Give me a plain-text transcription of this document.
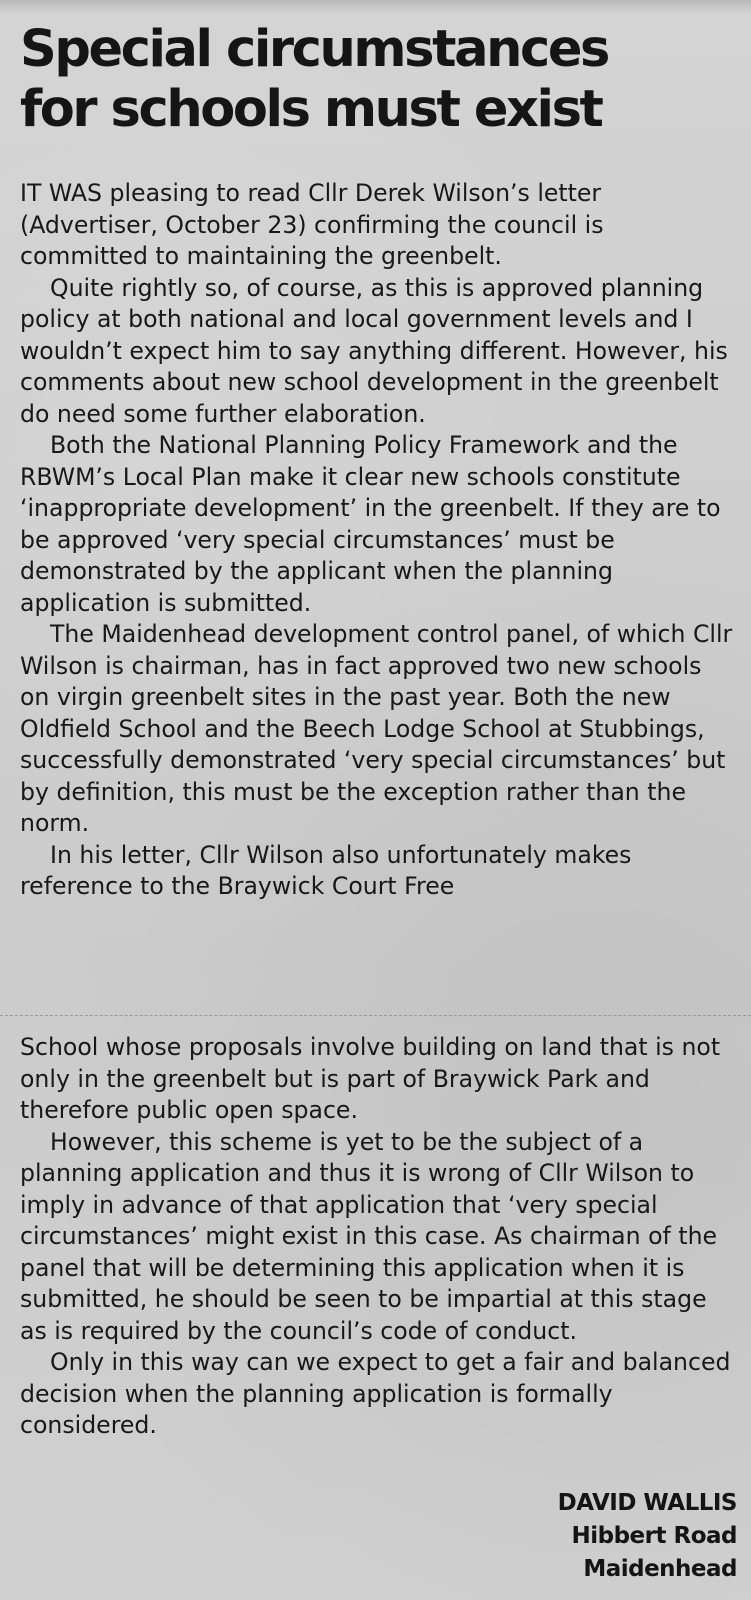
Special circumstances
for schools must exist

IT WAS pleasing to read Cllr Derek Wilson’s letter (Advertiser, October 23) confirming the council is committed to maintaining the greenbelt.

Quite rightly so, of course, as this is approved planning policy at both national and local government levels and I wouldn’t expect him to say anything different. However, his comments about new school development in the greenbelt do need some further elaboration.

Both the National Planning Policy Framework and the RBWM’s Local Plan make it clear new schools constitute ‘inappropriate development’ in the greenbelt. If they are to be approved ‘very special circumstances’ must be demonstrated by the applicant when the planning application is submitted.

The Maidenhead development control panel, of which Cllr Wilson is chairman, has in fact approved two new schools on virgin greenbelt sites in the past year. Both the new Oldfield School and the Beech Lodge School at Stubbings, successfully demonstrated ‘very special circumstances’ but by definition, this must be the exception rather than the norm.

In his letter, Cllr Wilson also unfortunately makes reference to the Braywick Court Free

School whose proposals involve building on land that is not only in the greenbelt but is part of Braywick Park and therefore public open space.

However, this scheme is yet to be the subject of a planning application and thus it is wrong of Cllr Wilson to imply in advance of that application that ‘very special circumstances’ might exist in this case. As chairman of the panel that will be determining this application when it is submitted, he should be seen to be impartial at this stage as is required by the council’s code of conduct.

Only in this way can we expect to get a fair and balanced decision when the planning application is formally considered.

DAVID WALLIS
Hibbert Road
Maidenhead
